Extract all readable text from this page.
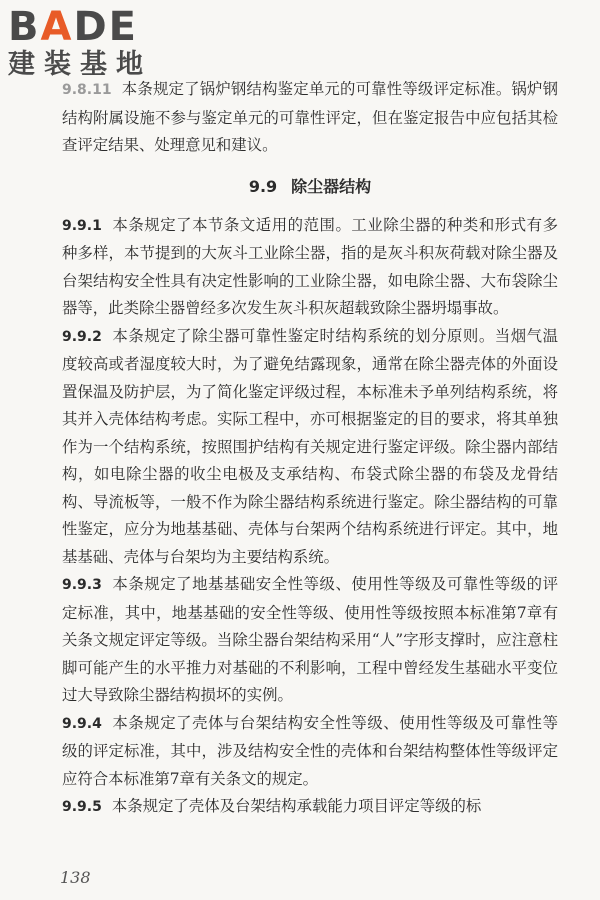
BADE
建装基地

9.8.11 本条规定了锅炉钢结构鉴定单元的可靠性等级评定标准。锅炉钢结构附属设施不参与鉴定单元的可靠性评定，但在鉴定报告中应包括其检查评定结果、处理意见和建议。

9.9 除尘器结构

9.9.1 本条规定了本节条文适用的范围。工业除尘器的种类和形式有多种多样，本节提到的大灰斗工业除尘器，指的是灰斗积灰荷载对除尘器及台架结构安全性具有决定性影响的工业除尘器，如电除尘器、大布袋除尘器等，此类除尘器曾经多次发生灰斗积灰超载致除尘器坍塌事故。

9.9.2 本条规定了除尘器可靠性鉴定时结构系统的划分原则。当烟气温度较高或者湿度较大时，为了避免结露现象，通常在除尘器壳体的外面设置保温及防护层，为了简化鉴定评级过程，本标准未予单列结构系统，将其并入壳体结构考虑。实际工程中，亦可根据鉴定的目的要求，将其单独作为一个结构系统，按照围护结构有关规定进行鉴定评级。除尘器内部结构，如电除尘器的收尘电极及支承结构、布袋式除尘器的布袋及龙骨结构、导流板等，一般不作为除尘器结构系统进行鉴定。除尘器结构的可靠性鉴定，应分为地基基础、壳体与台架两个结构系统进行评定。其中，地基基础、壳体与台架均为主要结构系统。

9.9.3 本条规定了地基基础安全性等级、使用性等级及可靠性等级的评定标准，其中，地基基础的安全性等级、使用性等级按照本标准第7章有关条文规定评定等级。当除尘器台架结构采用“人”字形支撑时，应注意柱脚可能产生的水平推力对基础的不利影响，工程中曾经发生基础水平变位过大导致除尘器结构损坏的实例。

9.9.4 本条规定了壳体与台架结构安全性等级、使用性等级及可靠性等级的评定标准，其中，涉及结构安全性的壳体和台架结构整体性等级评定应符合本标准第7章有关条文的规定。

9.9.5 本条规定了壳体及台架结构承载能力项目评定等级的标

138
